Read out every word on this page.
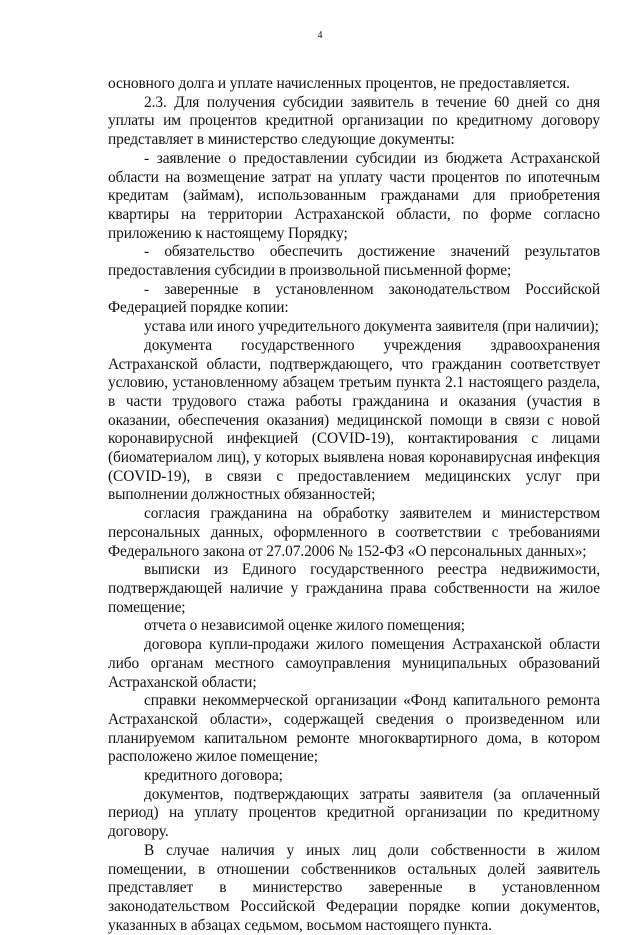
4

основного долга и уплате начисленных процентов, не предоставляется.

2.3. Для получения субсидии заявитель в течение 60 дней со дня уплаты им процентов кредитной организации по кредитному договору представляет в министерство следующие документы:

- заявление о предоставлении субсидии из бюджета Астраханской области на возмещение затрат на уплату части процентов по ипотечным кредитам (займам), использованным гражданами для приобретения квартиры на территории Астраханской области, по форме согласно приложению к настоящему Порядку;

- обязательство обеспечить достижение значений результатов предоставления субсидии в произвольной письменной форме;

- заверенные в установленном законодательством Российской Федерацией порядке копии:

устава или иного учредительного документа заявителя (при наличии);

документа государственного учреждения здравоохранения Астраханской области, подтверждающего, что гражданин соответствует условию, установленному абзацем третьим пункта 2.1 настоящего раздела, в части трудового стажа работы гражданина и оказания (участия в оказании, обеспечения оказания) медицинской помощи в связи с новой коронавирусной инфекцией (COVID-19), контактирования с лицами (биоматериалом лиц), у которых выявлена новая коронавирусная инфекция (COVID-19), в связи с предоставлением медицинских услуг при выполнении должностных обязанностей;

согласия гражданина на обработку заявителем и министерством персональных данных, оформленного в соответствии с требованиями Федерального закона от 27.07.2006 № 152-ФЗ «О персональных данных»;

выписки из Единого государственного реестра недвижимости, подтверждающей наличие у гражданина права собственности на жилое помещение;

отчета о независимой оценке жилого помещения;

договора купли-продажи жилого помещения Астраханской области либо органам местного самоуправления муниципальных образований Астраханской области;

справки некоммерческой организации «Фонд капитального ремонта Астраханской области», содержащей сведения о произведенном или планируемом капитальном ремонте многоквартирного дома, в котором расположено жилое помещение;

кредитного договора;

документов, подтверждающих затраты заявителя (за оплаченный период) на уплату процентов кредитной организации по кредитному договору.

В случае наличия у иных лиц доли собственности в жилом помещении, в отношении собственников остальных долей заявитель представляет в министерство заверенные в установленном законодательством Российской Федерации порядке копии документов, указанных в абзацах седьмом, восьмом настоящего пункта.
